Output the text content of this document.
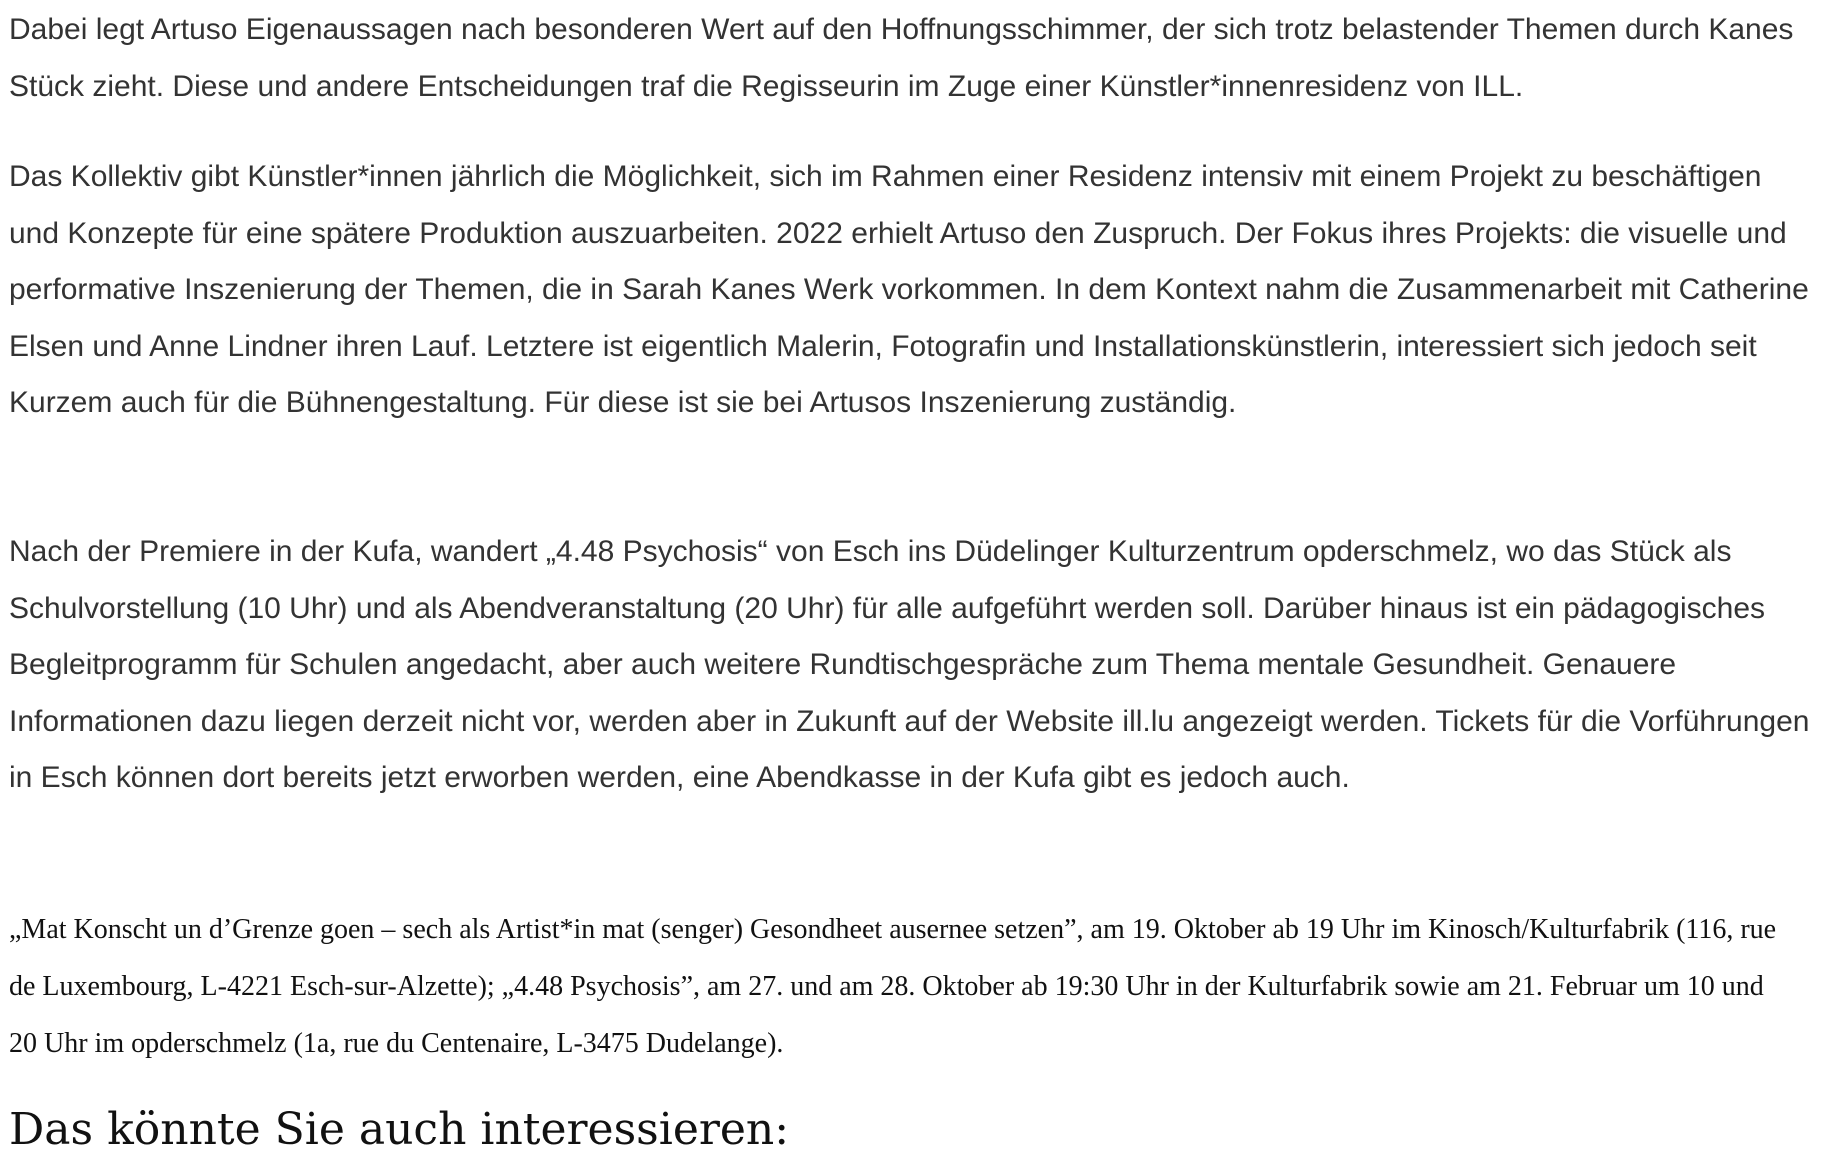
Dabei legt Artuso Eigenaussagen nach besonderen Wert auf den Hoffnungsschimmer, der sich trotz belastender Themen durch Kanes Stück zieht. Diese und andere Entscheidungen traf die Regisseurin im Zuge einer Künstler*innenresidenz von ILL.

Das Kollektiv gibt Künstler*innen jährlich die Möglichkeit, sich im Rahmen einer Residenz intensiv mit einem Projekt zu beschäftigen und Konzepte für eine spätere Produktion auszuarbeiten. 2022 erhielt Artuso den Zuspruch. Der Fokus ihres Projekts: die visuelle und performative Inszenierung der Themen, die in Sarah Kanes Werk vorkommen. In dem Kontext nahm die Zusammenarbeit mit Catherine Elsen und Anne Lindner ihren Lauf. Letztere ist eigentlich Malerin, Fotografin und Installationskünstlerin, interessiert sich jedoch seit Kurzem auch für die Bühnengestaltung. Für diese ist sie bei Artusos Inszenierung zuständig.

Nach der Premiere in der Kufa, wandert „4.48 Psychosis“ von Esch ins Düdelinger Kulturzentrum opderschmelz, wo das Stück als Schulvorstellung (10 Uhr) und als Abendveranstaltung (20 Uhr) für alle aufgeführt werden soll. Darüber hinaus ist ein pädagogisches Begleitprogramm für Schulen angedacht, aber auch weitere Rundtischgespräche zum Thema mentale Gesundheit. Genauere Informationen dazu liegen derzeit nicht vor, werden aber in Zukunft auf der Website ill.lu angezeigt werden. Tickets für die Vorführungen in Esch können dort bereits jetzt erworben werden, eine Abendkasse in der Kufa gibt es jedoch auch.

„Mat Konscht un d’Grenze goen – sech als Artist*in mat (senger) Gesondheet ausernee setzen”, am 19. Oktober ab 19 Uhr im Kinosch/Kulturfabrik (116, rue de Luxembourg, L-4221 Esch-sur-Alzette); „4.48 Psychosis”, am 27. und am 28. Oktober ab 19:30 Uhr in der Kulturfabrik sowie am 21. Februar um 10 und 20 Uhr im opderschmelz (1a, rue du Centenaire, L-3475 Dudelange).

Das könnte Sie auch interessieren:
